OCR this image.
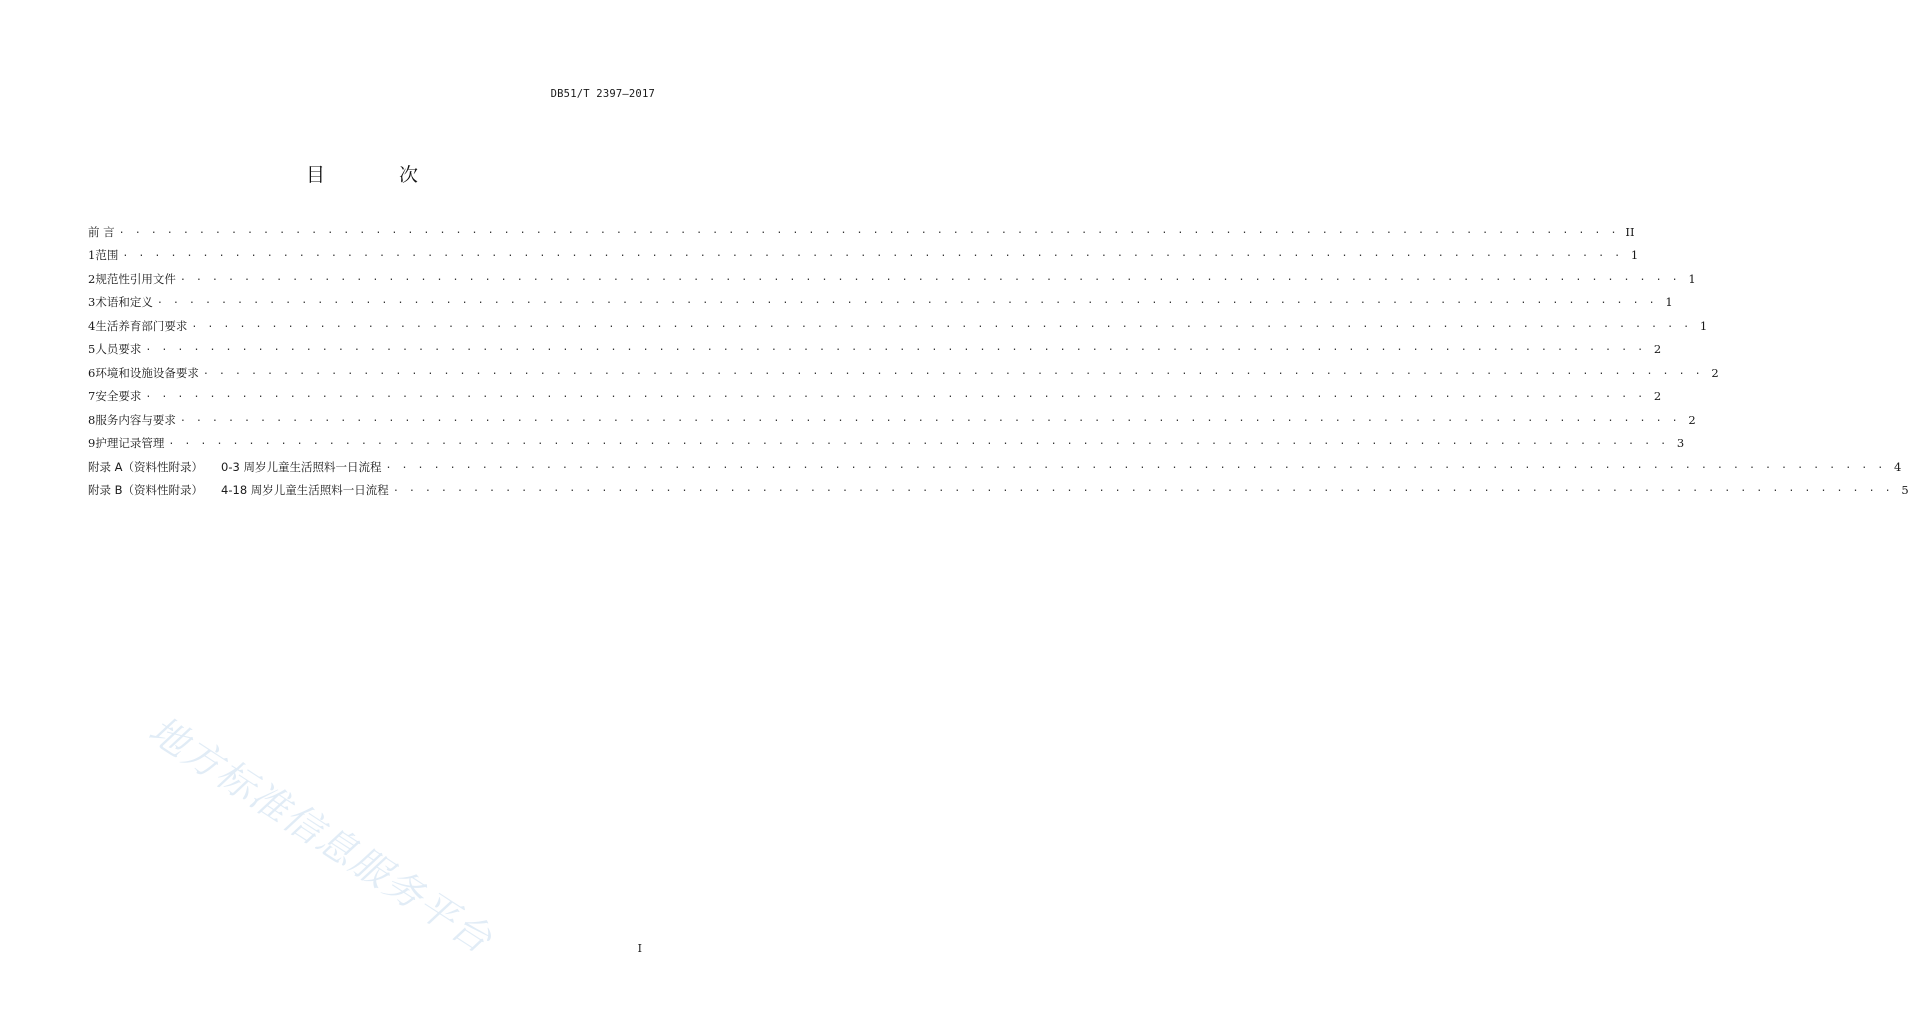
DB51/T 2397—2017
目 次
前 言 . . . . . . . . . . . . . . . . . . . . . . . . . . . . . . . . . . . . . . . . . . . . . . . . . . . . . . . . . . . . . . . . . . . . . . . . . . . . . . . . . . . . . . . . . . . . . . II
1 范围 . . . . . . . . . . . . . . . . . . . . . . . . . . . . . . . . . . . . . . . . . . . . . . . . . . . . . . . . . . . . . . . . . . . . . . . . . . . . . . . . . . . . . . . . . . . . . . 1
2 规范性引用文件 . . . . . . . . . . . . . . . . . . . . . . . . . . . . . . . . . . . . . . . . . . . . . . . . . . . . . . . . . . . . . . . . . . . . . . . . . . . . . . . . . . . . . . . . . . . . . . 1
3 术语和定义 . . . . . . . . . . . . . . . . . . . . . . . . . . . . . . . . . . . . . . . . . . . . . . . . . . . . . . . . . . . . . . . . . . . . . . . . . . . . . . . . . . . . . . . . . . . . . . 1
4 生活养育部门要求 . . . . . . . . . . . . . . . . . . . . . . . . . . . . . . . . . . . . . . . . . . . . . . . . . . . . . . . . . . . . . . . . . . . . . . . . . . . . . . . . . . . . . . . . . . . . . . 1
5 人员要求 . . . . . . . . . . . . . . . . . . . . . . . . . . . . . . . . . . . . . . . . . . . . . . . . . . . . . . . . . . . . . . . . . . . . . . . . . . . . . . . . . . . . . . . . . . . . . . 2
6 环境和设施设备要求 . . . . . . . . . . . . . . . . . . . . . . . . . . . . . . . . . . . . . . . . . . . . . . . . . . . . . . . . . . . . . . . . . . . . . . . . . . . . . . . . . . . . . . . . . . . . . . 2
7 安全要求 . . . . . . . . . . . . . . . . . . . . . . . . . . . . . . . . . . . . . . . . . . . . . . . . . . . . . . . . . . . . . . . . . . . . . . . . . . . . . . . . . . . . . . . . . . . . . . 2
8 服务内容与要求 . . . . . . . . . . . . . . . . . . . . . . . . . . . . . . . . . . . . . . . . . . . . . . . . . . . . . . . . . . . . . . . . . . . . . . . . . . . . . . . . . . . . . . . . . . . . . . 2
9 护理记录管理 . . . . . . . . . . . . . . . . . . . . . . . . . . . . . . . . . . . . . . . . . . . . . . . . . . . . . . . . . . . . . . . . . . . . . . . . . . . . . . . . . . . . . . . . . . . . . . 3
附录 A（资料性附录）	0-3 周岁儿童生活照料一日流程 . . . . . . . . . . . . . . . . . . . . . . . . . . . . . . . . . . . . . . . . . . . . . . . . . . . . . . . . . . . . . . . . . . . . . . . . . . . . . . . . . . . . . . . . . . . . . . 4
附录 B（资料性附录）	4-18 周岁儿童生活照料一日流程 . . . . . . . . . . . . . . . . . . . . . . . . . . . . . . . . . . . . . . . . . . . . . . . . . . . . . . . . . . . . . . . . . . . . . . . . . . . . . . . . . . . . . . . . . . . . . . 5
地方标准信息服务平台	I
